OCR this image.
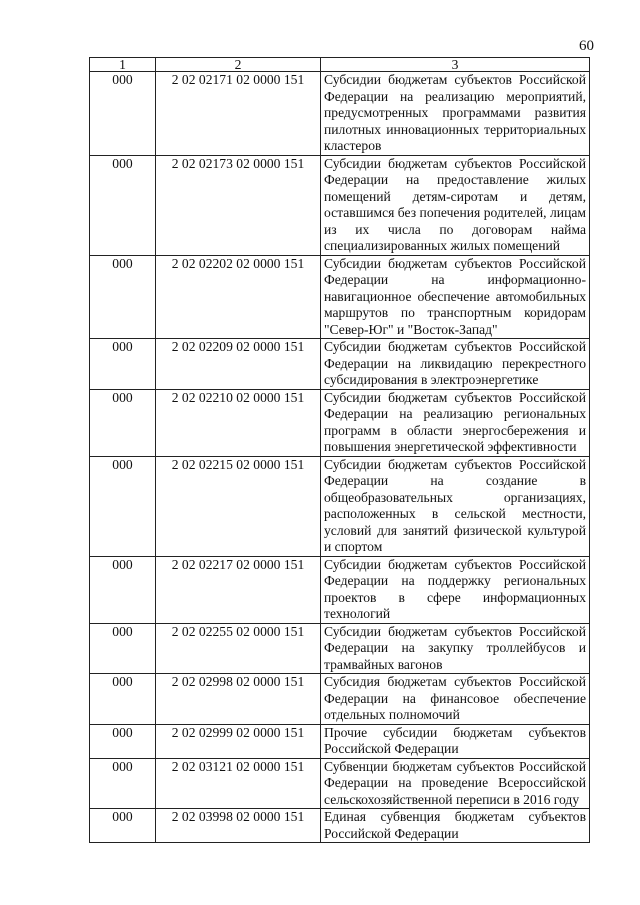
60
1	2	3
000	2 02 02171 02 0000 151	Субсидии бюджетам субъектов Российской Федерации на реализацию мероприятий, предусмотренных программами развития пилотных инновационных территориальных кластеров
000	2 02 02173 02 0000 151	Субсидии бюджетам субъектов Российской Федерации на предоставление жилых помещений детям-сиротам и детям, оставшимся без попечения родителей, лицам из их числа по договорам найма специализированных жилых помещений
000	2 02 02202 02 0000 151	Субсидии бюджетам субъектов Российской Федерации на информационно-навигационное обеспечение автомобильных маршрутов по транспортным коридорам "Север-Юг" и "Восток-Запад"
000	2 02 02209 02 0000 151	Субсидии бюджетам субъектов Российской Федерации на ликвидацию перекрестного субсидирования в электроэнергетике
000	2 02 02210 02 0000 151	Субсидии бюджетам субъектов Российской Федерации на реализацию региональных программ в области энергосбережения и повышения энергетической эффективности
000	2 02 02215 02 0000 151	Субсидии бюджетам субъектов Российской Федерации на создание в общеобразовательных организациях, расположенных в сельской местности, условий для занятий физической культурой и спортом
000	2 02 02217 02 0000 151	Субсидии бюджетам субъектов Российской Федерации на поддержку региональных проектов в сфере информационных технологий
000	2 02 02255 02 0000 151	Субсидии бюджетам субъектов Российской Федерации на закупку троллейбусов и трамвайных вагонов
000	2 02 02998 02 0000 151	Субсидия бюджетам субъектов Российской Федерации на финансовое обеспечение отдельных полномочий
000	2 02 02999 02 0000 151	Прочие субсидии бюджетам субъектов Российской Федерации
000	2 02 03121 02 0000 151	Субвенции бюджетам субъектов Российской Федерации на проведение Всероссийской сельскохозяйственной переписи в 2016 году
000	2 02 03998 02 0000 151	Единая субвенция бюджетам субъектов Российской Федерации
